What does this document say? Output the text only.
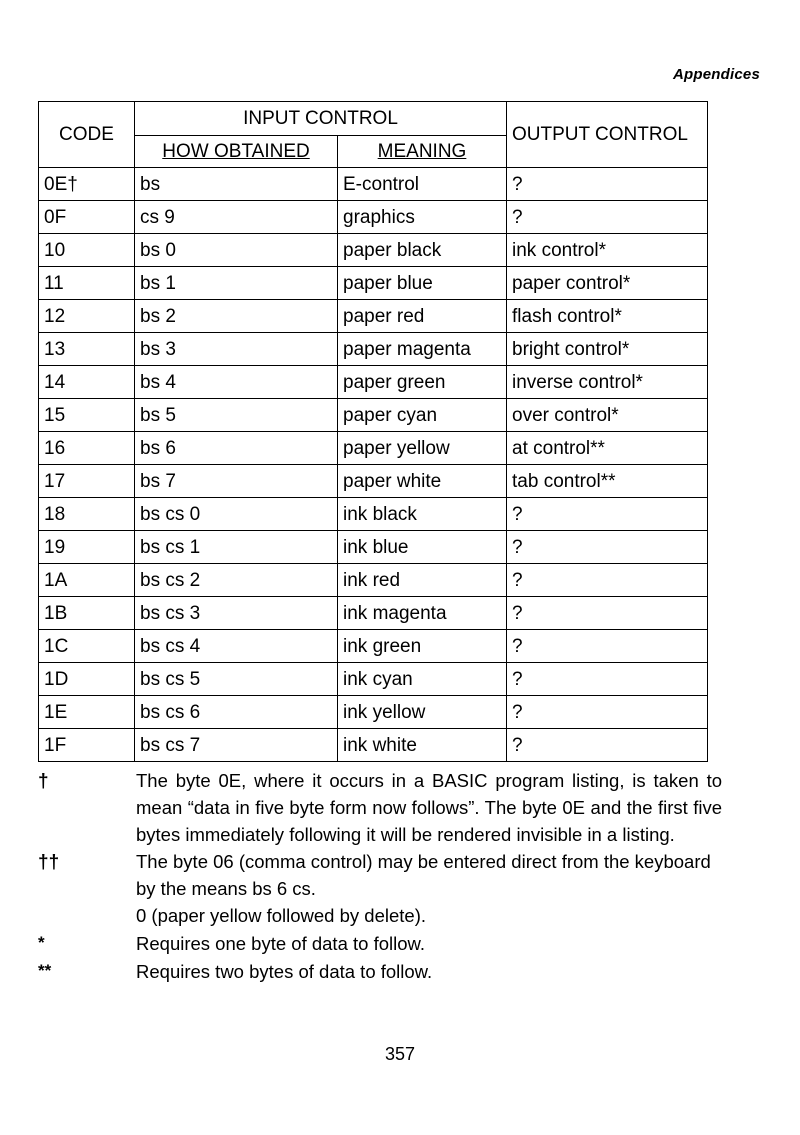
Appendices
CODE	INPUT CONTROL		OUTPUT CONTROL
	HOW OBTAINED	MEANING	
0E†	bs	E-control	?
0F	cs 9	graphics	?
10	bs 0	paper black	ink control*
11	bs 1	paper blue	paper control*
12	bs 2	paper red	flash control*
13	bs 3	paper magenta	bright control*
14	bs 4	paper green	inverse control*
15	bs 5	paper cyan	over control*
16	bs 6	paper yellow	at control**
17	bs 7	paper white	tab control**
18	bs cs 0	ink black	?
19	bs cs 1	ink blue	?
1A	bs cs 2	ink red	?
1B	bs cs 3	ink magenta	?
1C	bs cs 4	ink green	?
1D	bs cs 5	ink cyan	?
1E	bs cs 6	ink yellow	?
1F	bs cs 7	ink white	?
†	The byte 0E, where it occurs in a BASIC program listing, is taken to mean “data in five byte form now follows”. The byte 0E and the first five bytes immediately following it will be rendered invisible in a listing.
††	The byte 06 (comma control) may be entered direct from the keyboard by the means bs 6 cs.
0 (paper yellow followed by delete).
*	Requires one byte of data to follow.
**	Requires two bytes of data to follow.
357
